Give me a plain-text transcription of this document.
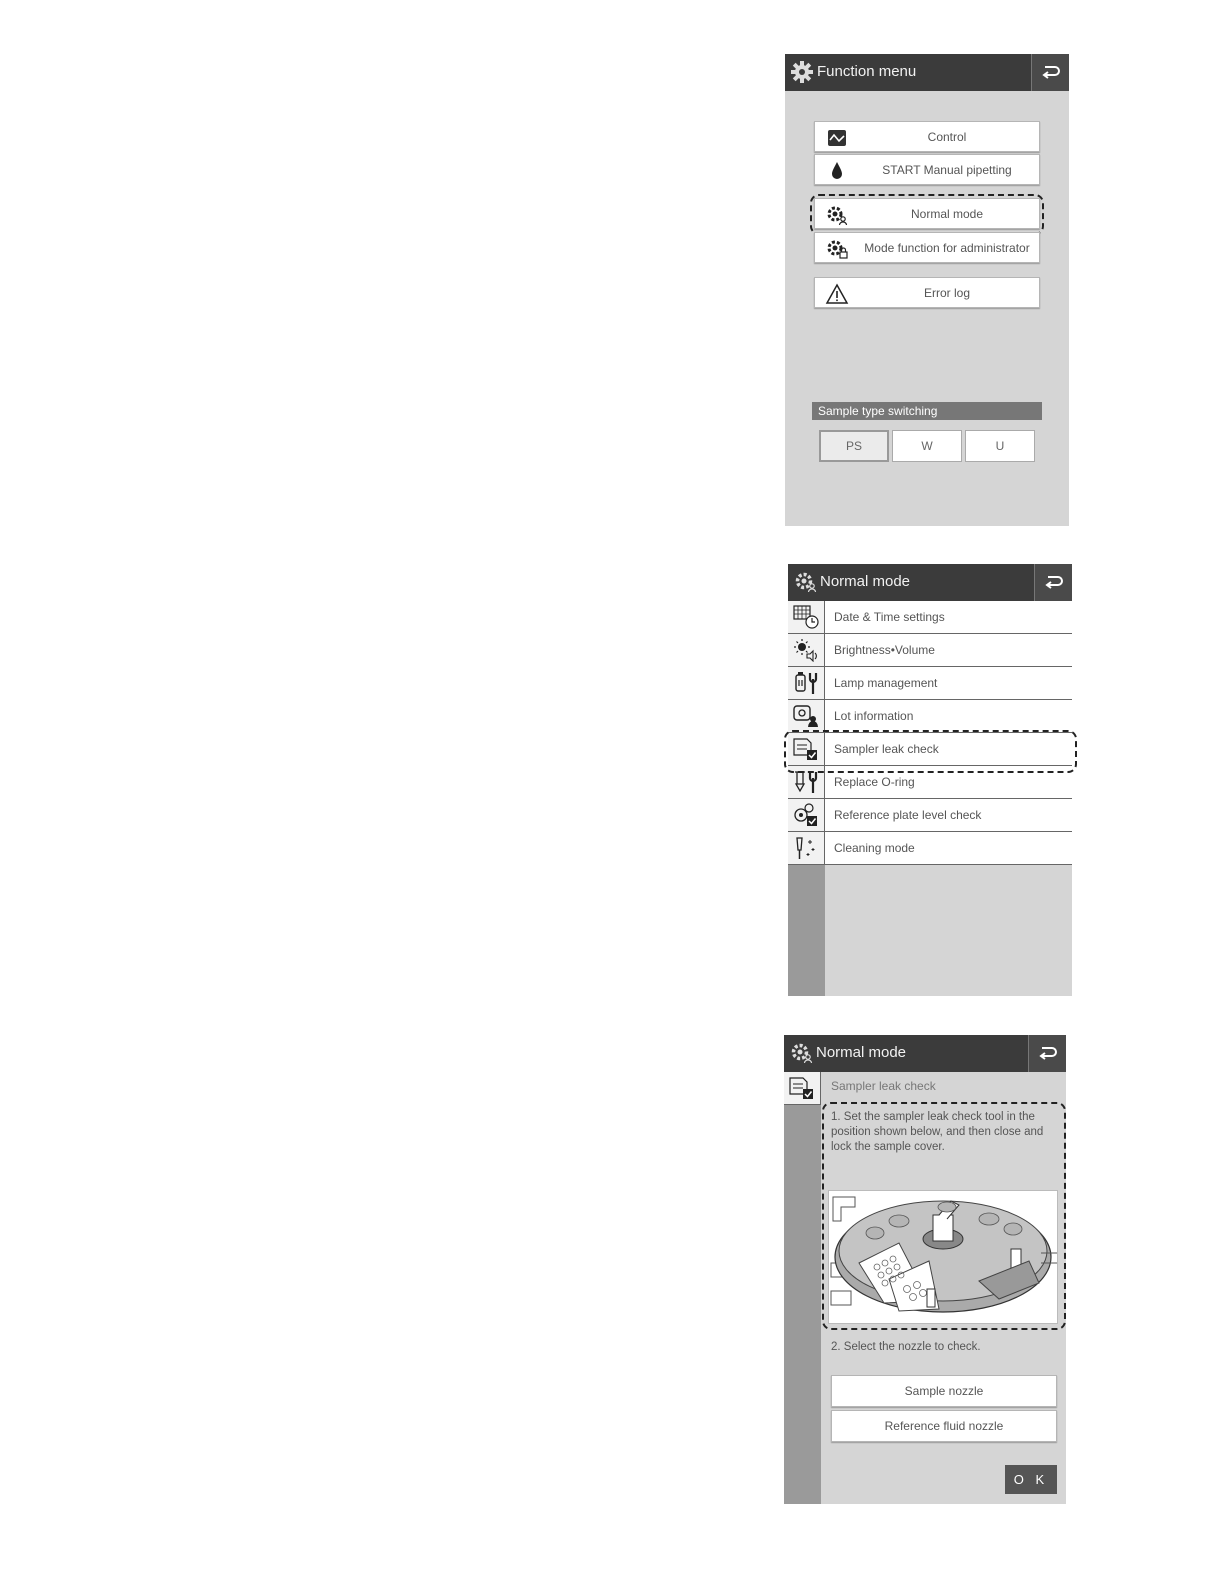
Function menu
Control
START Manual pipetting
Normal mode
Mode function for administrator
Error log
Sample type switching
PS	W	U
Normal mode
Date & Time settings
Brightness•Volume
Lamp management
Lot information
Sampler leak check
Replace O-ring
Reference plate level check
Cleaning mode
Normal mode
Sampler leak check
1. Set the sampler leak check tool in the position shown below, and then close and lock the sample cover.
2. Select the nozzle to check.
Sample nozzle
Reference fluid nozzle
O K
